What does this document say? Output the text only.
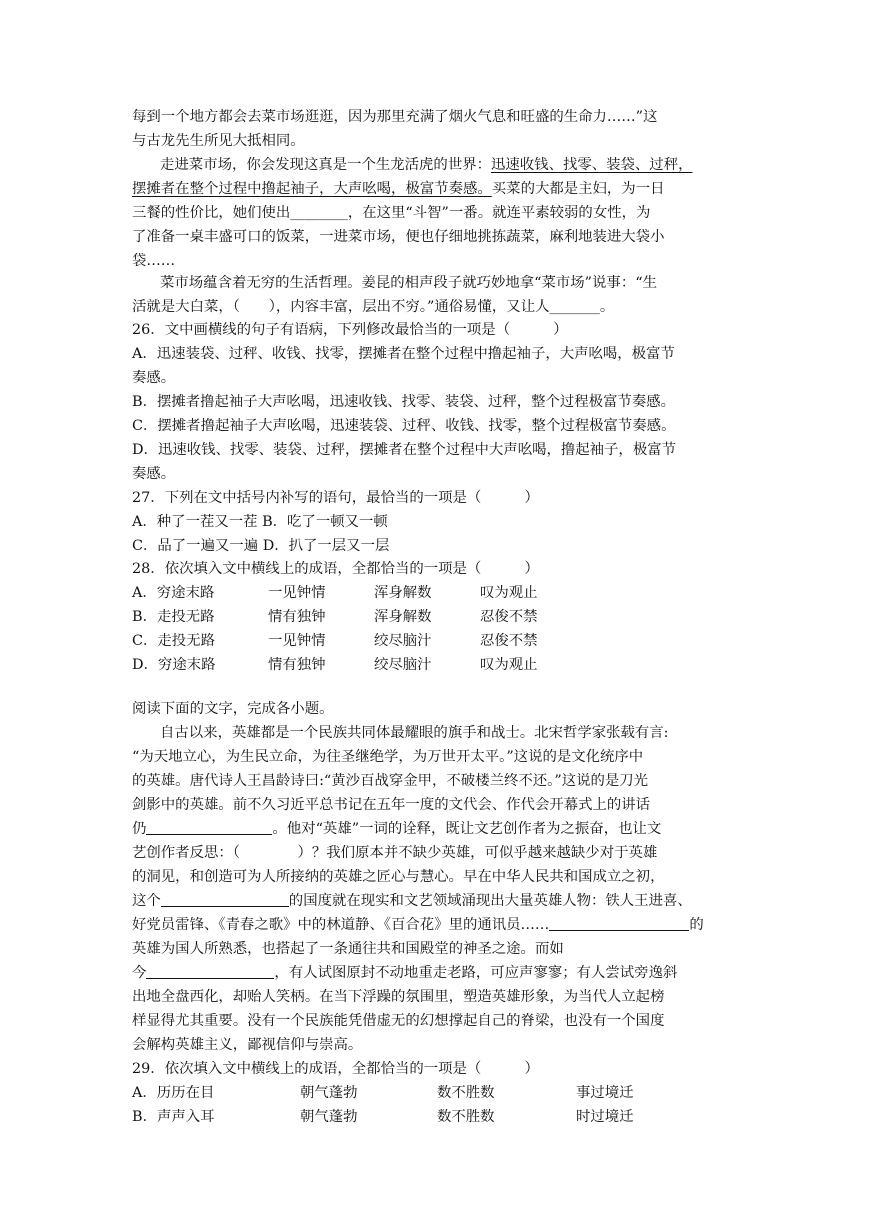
每到一个地方都会去菜市场逛逛，因为那里充满了烟火气息和旺盛的生命力……”这
与古龙先生所见大抵相同。
走进菜市场，你会发现这真是一个生龙活虎的世界：迅速收钱、找零、装袋、过秤，
摆摊者在整个过程中撸起袖子，大声吆喝，极富节奏感。买菜的大都是主妇，为一日
三餐的性价比，她们使出________，在这里“斗智”一番。就连平素较弱的女性，为
了准备一桌丰盛可口的饭菜，一进菜市场，便也仔细地挑拣蔬菜，麻利地装进大袋小
袋……
菜市场蕴含着无穷的生活哲理。姜昆的相声段子就巧妙地拿“菜市场”说事：“生
活就是大白菜，（　　），内容丰富，层出不穷。”通俗易懂，又让人_______。
26．文中画横线的句子有语病，下列修改最恰当的一项是（　　　）
A．迅速装袋、过秤、收钱、找零，摆摊者在整个过程中撸起袖子，大声吆喝，极富节
奏感。
B．摆摊者撸起袖子大声吆喝，迅速收钱、找零、装袋、过秤，整个过程极富节奏感。
C．摆摊者撸起袖子大声吆喝，迅速装袋、过秤、收钱、找零，整个过程极富节奏感。
D．迅速收钱、找零、装袋、过秤，摆摊者在整个过程中大声吆喝，撸起袖子，极富节
奏感。
27．下列在文中括号内补写的语句，最恰当的一项是（　　　）
A．种了一茬又一茬 B．吃了一顿又一顿
C．品了一遍又一遍 D．扒了一层又一层
28．依次填入文中横线上的成语，全都恰当的一项是（　　　）
A．穷途末路	一见钟情	浑身解数	叹为观止
B．走投无路	情有独钟	浑身解数	忍俊不禁
C．走投无路	一见钟情	绞尽脑汁	忍俊不禁
D．穷途末路	情有独钟	绞尽脑汁	叹为观止
阅读下面的文字，完成各小题。
自古以来，英雄都是一个民族共同体最耀眼的旗手和战士。北宋哲学家张载有言:
“为天地立心，为生民立命，为往圣继绝学，为万世开太平。”这说的是文化统序中
的英雄。唐代诗人王昌龄诗曰:“黄沙百战穿金甲，不破楼兰终不还。”这说的是刀光
剑影中的英雄。前不久习近平总书记在五年一度的文代会、作代会开幕式上的讲话
仍	。他对“英雄”一词的诠释，既让文艺创作者为之振奋，也让文
艺创作者反思：（　　　　）？我们原本并不缺少英雄，可似乎越来越缺少对于英雄
的洞见，和创造可为人所接纳的英雄之匠心与慧心。早在中华人民共和国成立之初，
这个	的国度就在现实和文艺领域涌现出大量英雄人物：铁人王进喜、
好党员雷锋、《青春之歌》中的林道静、《百合花》里的通讯员……	的
英雄为国人所熟悉，也搭起了一条通往共和国殿堂的神圣之途。而如
今	，有人试图原封不动地重走老路，可应声寥寥；有人尝试旁逸斜
出地全盘西化，却贻人笑柄。在当下浮躁的氛围里，塑造英雄形象，为当代人立起榜
样显得尤其重要。没有一个民族能凭借虚无的幻想撑起自己的脊梁，也没有一个国度
会解构英雄主义，鄙视信仰与崇高。
29．依次填入文中横线上的成语，全都恰当的一项是（　　　）
A．历历在目	朝气蓬勃	数不胜数	事过境迁
B．声声入耳	朝气蓬勃	数不胜数	时过境迁
